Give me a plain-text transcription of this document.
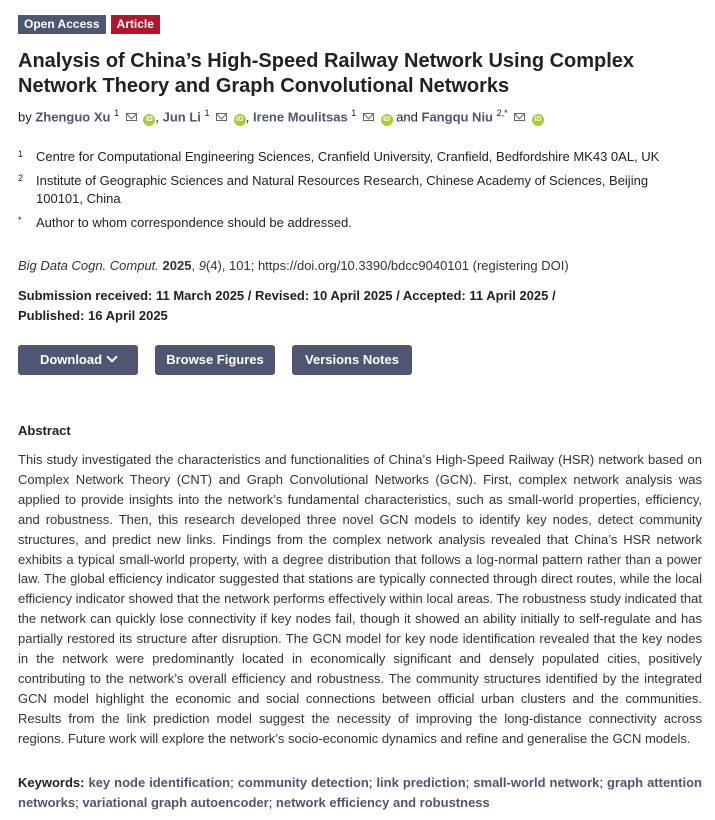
Open Access	Article
Analysis of China’s High-Speed Railway Network Using Complex Network Theory and Graph Convolutional Networks
by Zhenguo Xu $^1$  iD , Jun Li $^1$  iD , Irene Moulitsas $^1$  iD and Fangqu Niu $^{2,*}$  iD
1 Centre for Computational Engineering Sciences, Cranfield University, Cranfield, Bedfordshire MK43 0AL, UK
2 Institute of Geographic Sciences and Natural Resources Research, Chinese Academy of Sciences, Beijing 100101, China
*	Author to whom correspondence should be addressed.
Big Data Cogn. Comput. 2025, 9(4), 101; https://doi.org/10.3390/bdcc9040101 (registering DOI)
Submission received: 11 March 2025 / Revised: 10 April 2025 / Accepted: 11 April 2025 / Published: 16 April 2025
Download	Browse Figures	Versions Notes
Abstract

This study investigated the characteristics and functionalities of China’s High-Speed Railway (HSR) network based on Complex Network Theory (CNT) and Graph Convolutional Networks (GCN). First, complex network analysis was applied to provide insights into the network’s fundamental characteristics, such as small-world properties, efficiency, and robustness. Then, this research developed three novel GCN models to identify key nodes, detect community structures, and predict new links. Findings from the complex network analysis revealed that China’s HSR network exhibits a typical small-world property, with a degree distribution that follows a log-normal pattern rather than a power law. The global efficiency indicator suggested that stations are typically connected through direct routes, while the local efficiency indicator showed that the network performs effectively within local areas. The robustness study indicated that the network can quickly lose connectivity if key nodes fail, though it showed an ability initially to self-regulate and has partially restored its structure after disruption. The GCN model for key node identification revealed that the key nodes in the network were predominantly located in economically significant and densely populated cities, positively contributing to the network’s overall efficiency and robustness. The community structures identified by the integrated GCN model highlight the economic and social connections between official urban clusters and the communities. Results from the link prediction model suggest the necessity of improving the long-distance connectivity across regions. Future work will explore the network’s socio-economic dynamics and refine and generalise the GCN models.

Keywords: key node identification; community detection; link prediction; small-world network; graph attention networks; variational graph autoencoder; network efficiency and robustness
